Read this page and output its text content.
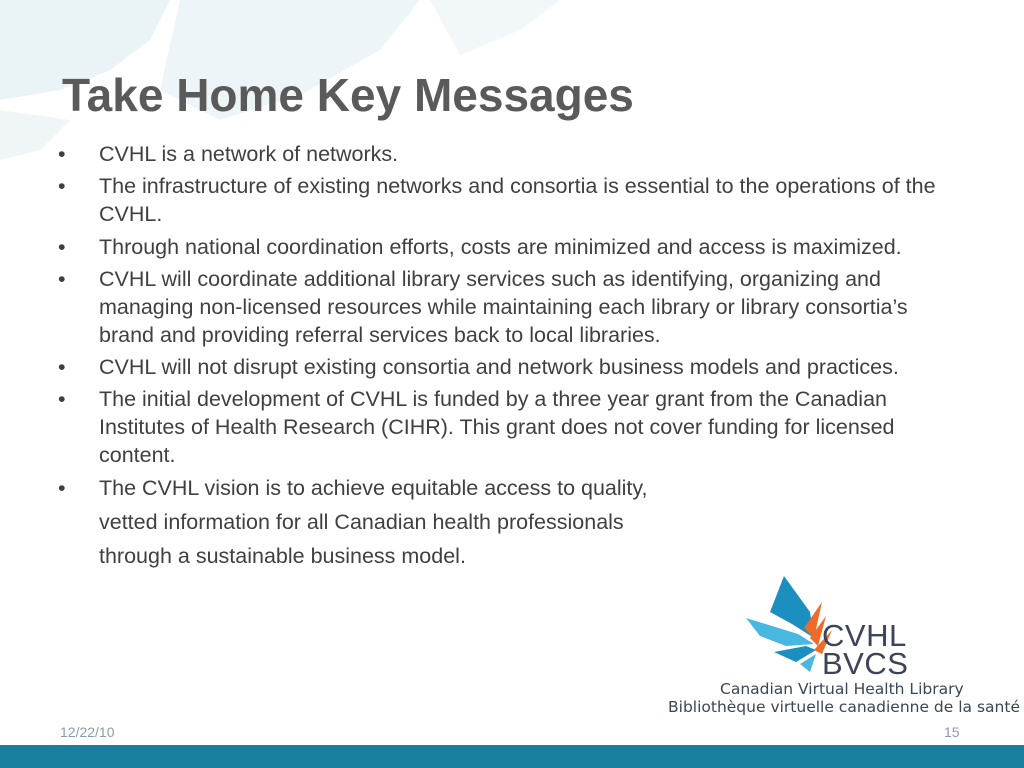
Take Home Key Messages
• CVHL is a network of networks.
• The infrastructure of existing networks and consortia is essential to the operations of the CVHL.
• Through national coordination efforts, costs are minimized and access is maximized.
• CVHL will coordinate additional library services such as identifying, organizing and managing non-licensed resources while maintaining each library or library consortia’s brand and providing referral services back to local libraries.
• CVHL will not disrupt existing consortia and network business models and practices.
• The initial development of CVHL is funded by a three year grant from the Canadian Institutes of Health Research (CIHR). This grant does not cover funding for licensed content.
• The CVHL vision is to achieve equitable access to quality,
vetted information for all Canadian health professionals
through a sustainable business model.
CVHL
BVCS
Canadian Virtual Health Library
Bibliothèque virtuelle canadienne de la santé
12/22/10	15
